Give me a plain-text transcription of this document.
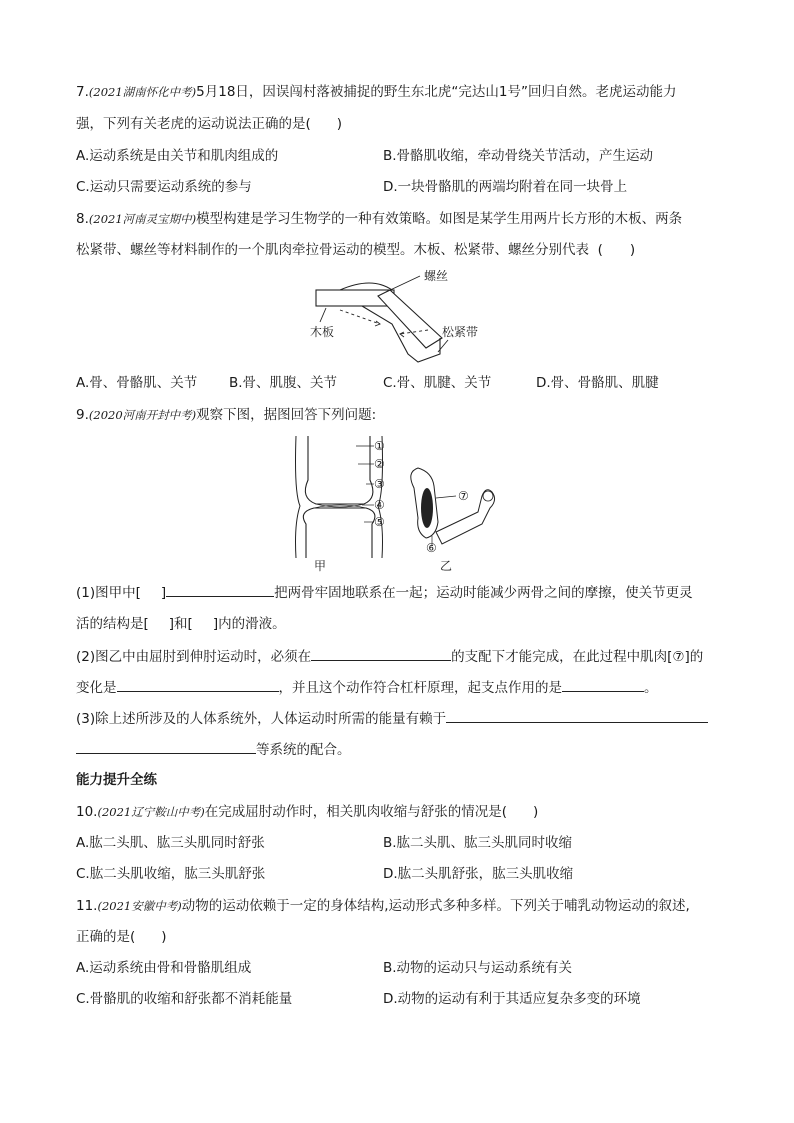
7.(2021湖南怀化中考)5月18日，因误闯村落被捕捉的野生东北虎“完达山1号”回归自然。老虎运动能力
强，下列有关老虎的运动说法正确的是( )
A.运动系统是由关节和肌肉组成的	B.骨骼肌收缩，牵动骨绕关节活动，产生运动
C.运动只需要运动系统的参与	D.一块骨骼肌的两端均附着在同一块骨上
8.(2021河南灵宝期中)模型构建是学习生物学的一种有效策略。如图是某学生用两片长方形的木板、两条
松紧带、螺丝等材料制作的一个肌肉牵拉骨运动的模型。木板、松紧带、螺丝分别代表 (　　)
螺丝
木板	松紧带
A.骨、骨骼肌、关节 B.骨、肌腹、关节	C.骨、肌腱、关节	D.骨、骨骼肌、肌腱
9.(2020河南开封中考)观察下图，据图回答下列问题:
①
②
③
④
⑤
甲
⑦
⑥
乙
(1)图甲中[ ]	把两骨牢固地联系在一起；运动时能减少两骨之间的摩擦，使关节更灵
活的结构是[ ]和[ ]内的滑液。
(2)图乙中由屈肘到伸肘运动时，必须在	的支配下才能完成，在此过程中肌肉[⑦]的
变化是	，并且这个动作符合杠杆原理，起支点作用的是	。
(3)除上述所涉及的人体系统外，人体运动时所需的能量有赖于
等系统的配合。
能力提升全练
10.(2021辽宁鞍山中考)在完成屈肘动作时，相关肌肉收缩与舒张的情况是( )
A.肱二头肌、肱三头肌同时舒张	B.肱二头肌、肱三头肌同时收缩
C.肱二头肌收缩，肱三头肌舒张	D.肱二头肌舒张，肱三头肌收缩
11.(2021安徽中考)动物的运动依赖于一定的身体结构,运动形式多种多样。下列关于哺乳动物运动的叙述,
正确的是( )
A.运动系统由骨和骨骼肌组成	B.动物的运动只与运动系统有关
C.骨骼肌的收缩和舒张都不消耗能量	D.动物的运动有利于其适应复杂多变的环境
